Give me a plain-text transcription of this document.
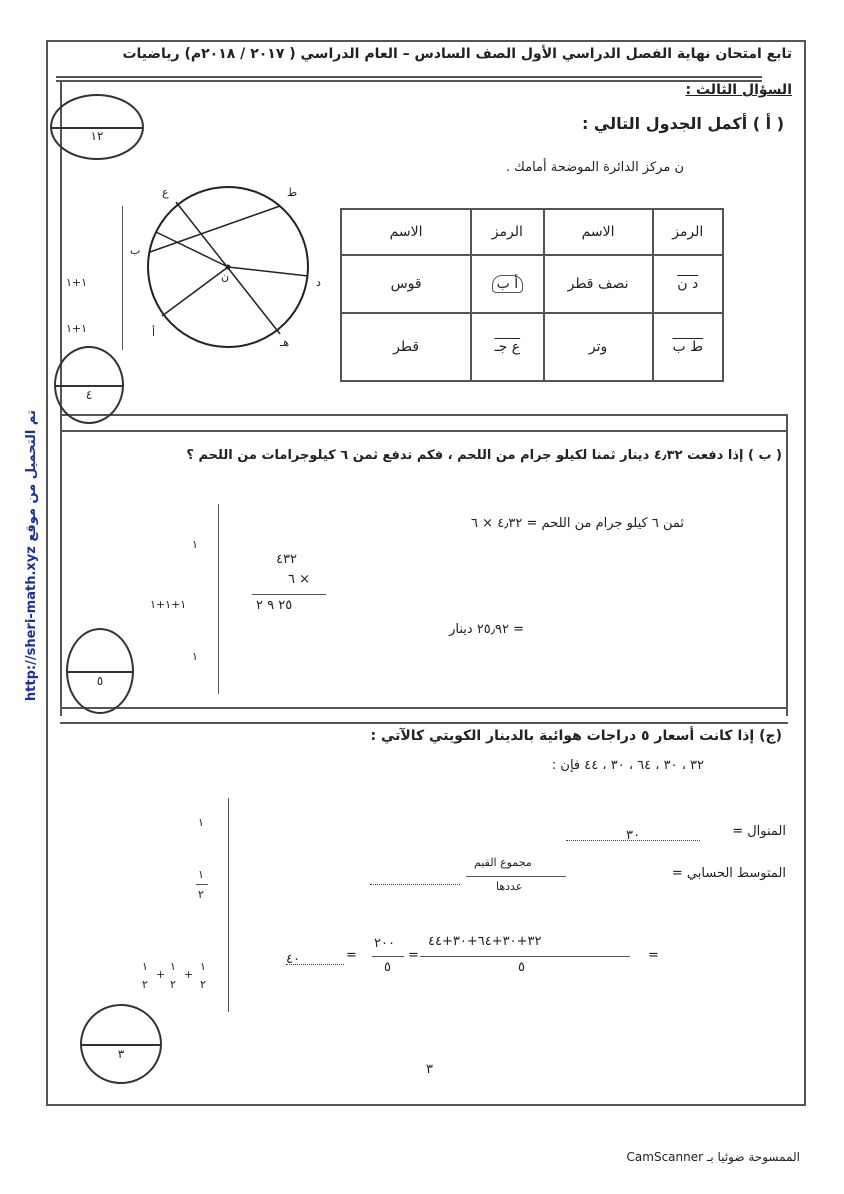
تابع امتحان نهاية الفصل الدراسي الأول الصف السادس – العام الدراسي ( ٢٠١٧ / ٢٠١٨م) رياضيات
http://sheri-math.xyz تم التحميل من موقع
السؤال الثالث :
( أ ) أكمل الجدول التالي :
ن مركز الدائرة الموضحة أمامك .
١٢
٤
١+١
١+١
ع	ط
ب
ن	د
أ
هـ
الرمز	الاسم	الرمز	الاسم
د ن	نصف قطر	أ ب	قوس
ط ب	وتر	ع جـ	قطر
( ب ) إذا دفعت ٤٫٣٢ دينار ثمنا لكيلو جرام من اللحم ، فكم تدفع ثمن ٦ كيلوجرامات من اللحم ؟
١
١+١+١
١
٥
ثمن ٦ كيلو جرام من اللحم = ٤٫٣٢ × ٦
٤٣٢
٦ ×
٢٥ ٩ ٢
= ٢٥٫٩٢ دينار
(ج) إذا كانت أسعار ٥ دراجات هوائية بالدينار الكويتي كالآتي :
٣٢ ، ٣٠ ، ٦٤ ، ٣٠ ، ٤٤ فإن :
المنوال =
٣٠
المتوسط الحسابي =
مجموع القيم
عددها
٣٢+٣٠+٦٤+٣٠+٤٤
٥
=
=
٢٠٠
٥
=
٤٠
١
١
٢
١
٢
+
١
٢
+
١
٢
٣
٣
الممسوحة ضوئيا بـ CamScanner
